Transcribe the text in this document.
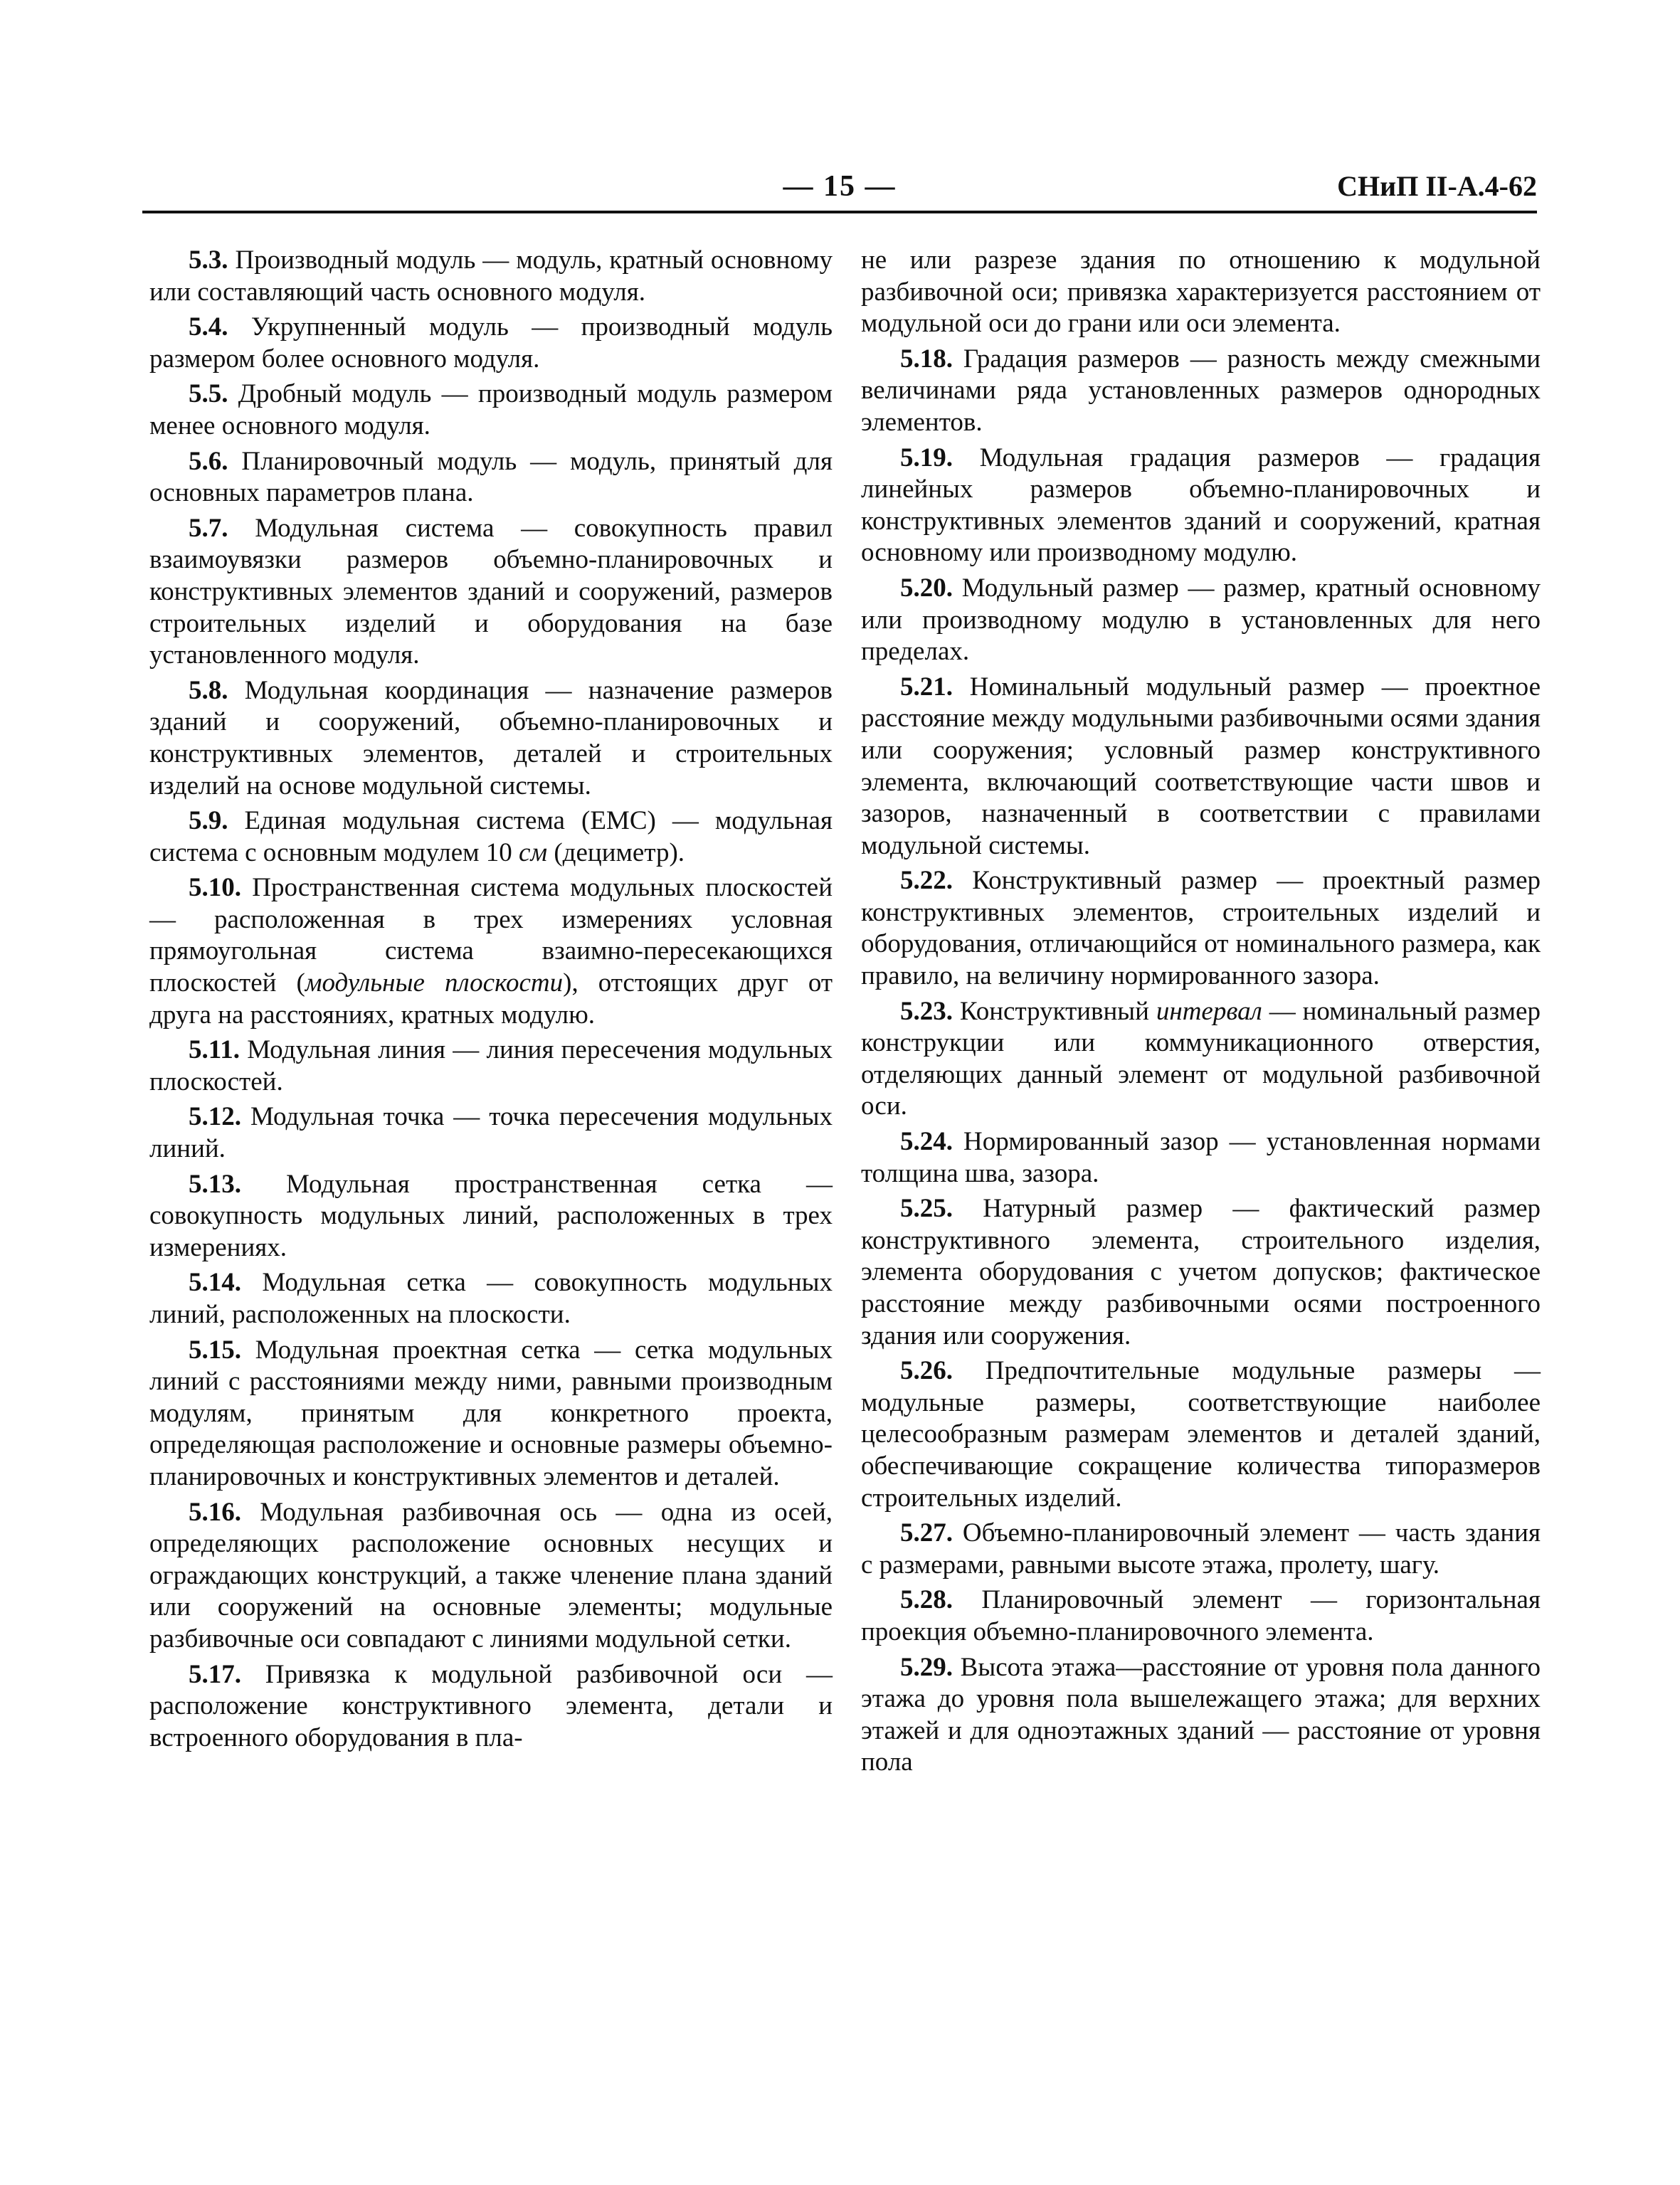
— 15 —	СНиП II-А.4-62

5.3. Производный модуль — модуль, кратный основному или составляющий часть основного модуля.

5.4. Укрупненный модуль — производный модуль размером более основного модуля.

5.5. Дробный модуль — производный модуль размером менее основного модуля.

5.6. Планировочный модуль — модуль, принятый для основных параметров плана.

5.7. Модульная система — совокупность правил взаимоувязки размеров объемно-планировочных и конструктивных элементов зданий и сооружений, размеров строительных изделий и оборудования на базе установленного модуля.

5.8. Модульная координация — назначение размеров зданий и сооружений, объемно-планировочных и конструктивных элементов, деталей и строительных изделий на основе модульной системы.

5.9. Единая модульная система (ЕМС) — модульная система с основным модулем 10 см (дециметр).

5.10. Пространственная система модульных плоскостей — расположенная в трех измерениях условная прямоугольная система взаимно-пересекающихся плоскостей (модульные плоскости), отстоящих друг от друга на расстояниях, кратных модулю.

5.11. Модульная линия — линия пересечения модульных плоскостей.

5.12. Модульная точка — точка пересечения модульных линий.

5.13. Модульная пространственная сетка — совокупность модульных линий, расположенных в трех измерениях.

5.14. Модульная сетка — совокупность модульных линий, расположенных на плоскости.

5.15. Модульная проектная сетка — сетка модульных линий с расстояниями между ними, равными производным модулям, принятым для конкретного проекта, определяющая расположение и основные размеры объемно-планировочных и конструктивных элементов и деталей.

5.16. Модульная разбивочная ось — одна из осей, определяющих расположение основных несущих и ограждающих конструкций, а также членение плана зданий или сооружений на основные элементы; модульные разбивочные оси совпадают с линиями модульной сетки.

5.17. Привязка к модульной разбивочной оси — расположение конструктивного элемента, детали и встроенного оборудования в пла-

не или разрезе здания по отношению к модульной разбивочной оси; привязка характеризуется расстоянием от модульной оси до грани или оси элемента.

5.18. Градация размеров — разность между смежными величинами ряда установленных размеров однородных элементов.

5.19. Модульная градация размеров — градация линейных размеров объемно-планировочных и конструктивных элементов зданий и сооружений, кратная основному или производному модулю.

5.20. Модульный размер — размер, кратный основному или производному модулю в установленных для него пределах.

5.21. Номинальный модульный размер — проектное расстояние между модульными разбивочными осями здания или сооружения; условный размер конструктивного элемента, включающий соответствующие части швов и зазоров, назначенный в соответствии с правилами модульной системы.

5.22. Конструктивный размер — проектный размер конструктивных элементов, строительных изделий и оборудования, отличающийся от номинального размера, как правило, на величину нормированного зазора.

5.23. Конструктивный интервал — номинальный размер конструкции или коммуникационного отверстия, отделяющих данный элемент от модульной разбивочной оси.

5.24. Нормированный зазор — установленная нормами толщина шва, зазора.

5.25. Натурный размер — фактический размер конструктивного элемента, строительного изделия, элемента оборудования с учетом допусков; фактическое расстояние между разбивочными осями построенного здания или сооружения.

5.26. Предпочтительные модульные размеры — модульные размеры, соответствующие наиболее целесообразным размерам элементов и деталей зданий, обеспечивающие сокращение количества типоразмеров строительных изделий.

5.27. Объемно-планировочный элемент — часть здания с размерами, равными высоте этажа, пролету, шагу.

5.28. Планировочный элемент — горизонтальная проекция объемно-планировочного элемента.

5.29. Высота этажа—расстояние от уровня пола данного этажа до уровня пола вышележащего этажа; для верхних этажей и для одноэтажных зданий — расстояние от уровня пола
